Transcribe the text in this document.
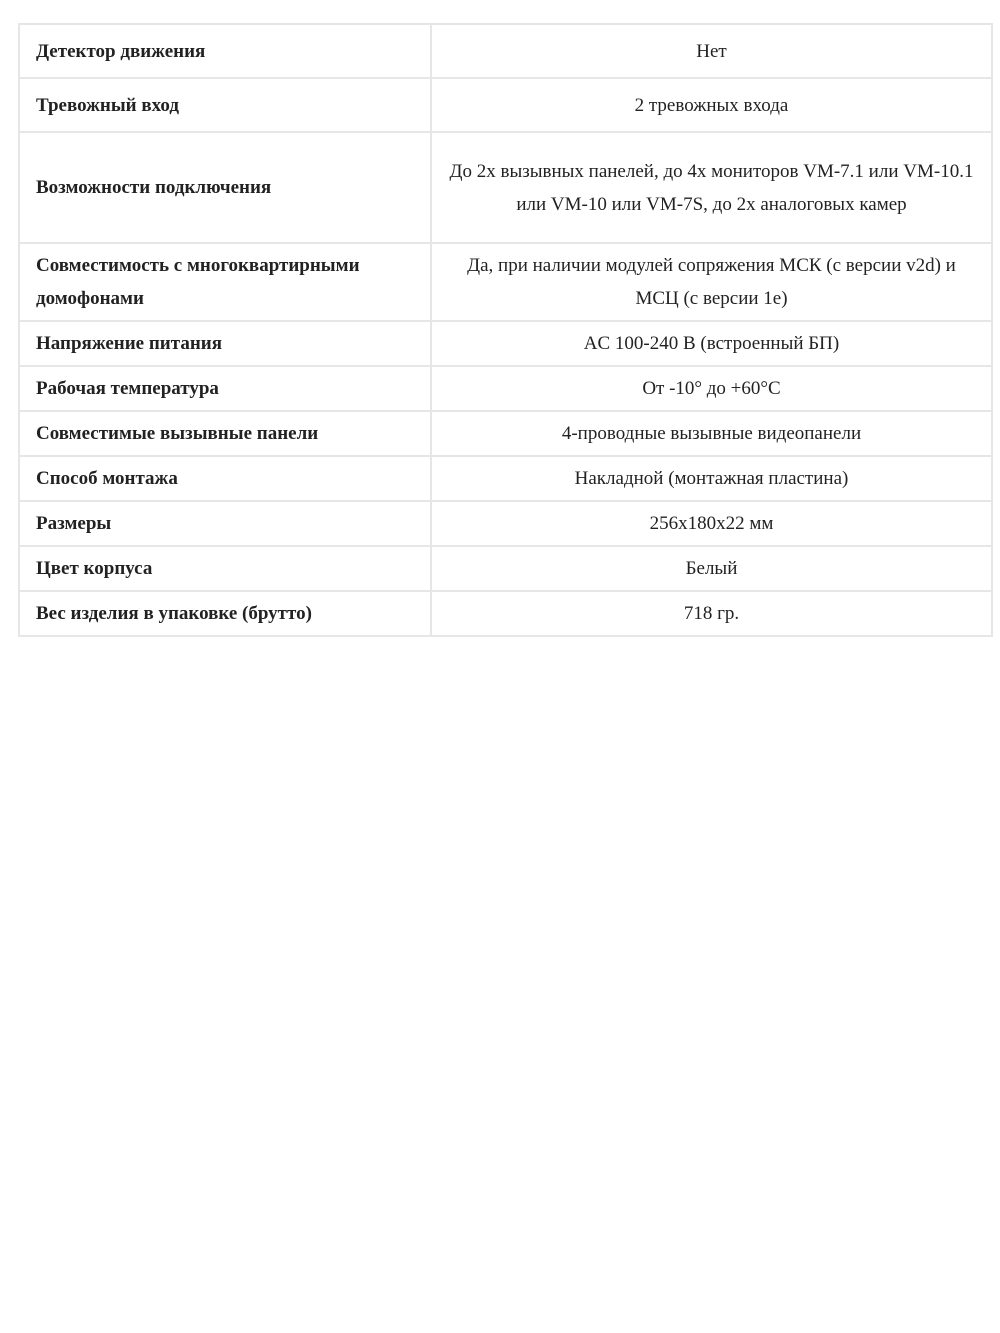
Детектор движения	Нет
Тревожный вход	2 тревожных входа
Возможности подключения	До 2х вызывных панелей, до 4х мониторов VM-7.1 или VM-10.1 или VM-10 или VM-7S, до 2х аналоговых камер
Совместимость с многоквартирными домофонами	Да, при наличии модулей сопряжения МСК (с версии v2d) и МСЦ (с версии 1e)
Напряжение питания	AC 100-240 В (встроенный БП)
Рабочая температура	От -10° до +60°С
Совместимые вызывные панели	4-проводные вызывные видеопанели
Способ монтажа	Накладной (монтажная пластина)
Размеры	256x180x22 мм
Цвет корпуса	Белый
Вес изделия в упаковке (брутто)	718 гр.
